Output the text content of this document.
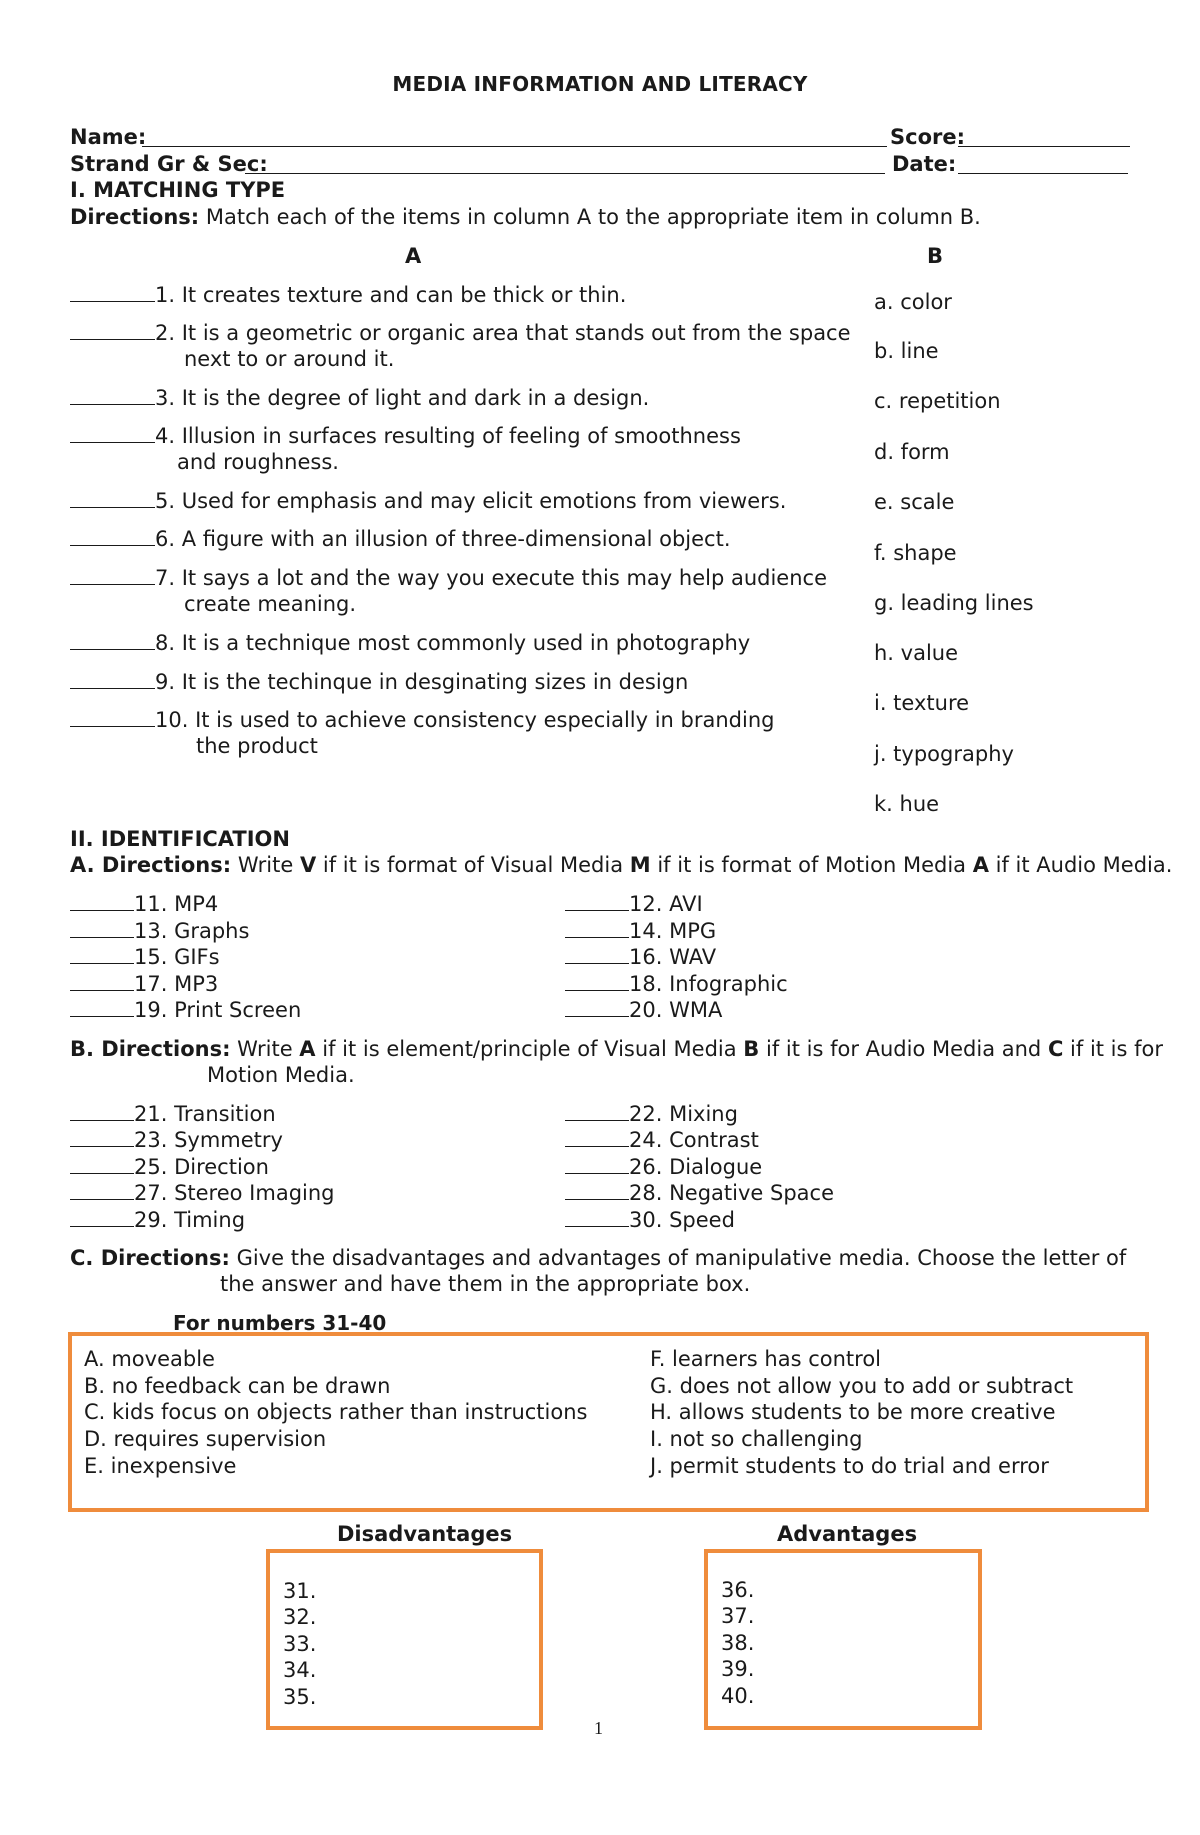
MEDIA INFORMATION AND LITERACY
Name:	Score:
Strand Gr & Sec:	Date:
I. MATCHING TYPE
Directions: Match each of the items in column A to the appropriate item in column B.
A	B
1. It creates texture and can be thick or thin.
2. It is a geometric or organic area that stands out from the space
next to or around it.
3. It is the degree of light and dark in a design.
4. Illusion in surfaces resulting of feeling of smoothness
and roughness.
5. Used for emphasis and may elicit emotions from viewers.
6. A figure with an illusion of three-dimensional object.
7. It says a lot and the way you execute this may help audience
create meaning.
8. It is a technique most commonly used in photography
9. It is the techinque in desginating sizes in design
10. It is used to achieve consistency especially in branding
the product
a. color
b. line
c. repetition
d. form
e. scale
f. shape
g. leading lines
h. value
i. texture
j. typography
k. hue
II. IDENTIFICATION
A. Directions: Write V if it is format of Visual Media M if it is format of Motion Media A if it Audio Media.
11. MP4
13. Graphs
15. GIFs
17. MP3
19. Print Screen
12. AVI
14. MPG
16. WAV
18. Infographic
20. WMA
B. Directions: Write A if it is element/principle of Visual Media B if it is for Audio Media and C if it is for
Motion Media.
21. Transition
23. Symmetry
25. Direction
27. Stereo Imaging
29. Timing
22. Mixing
24. Contrast
26. Dialogue
28. Negative Space
30. Speed
C. Directions: Give the disadvantages and advantages of manipulative media. Choose the letter of
the answer and have them in the appropriate box.
For numbers 31-40
A. moveable
B. no feedback can be drawn
C. kids focus on objects rather than instructions
D. requires supervision
E. inexpensive
F. learners has control
G. does not allow you to add or subtract
H. allows students to be more creative
I. not so challenging
J. permit students to do trial and error
Disadvantages	Advantages
31.
32.
33.
34.
35.
36.
37.
38.
39.
40.
1
